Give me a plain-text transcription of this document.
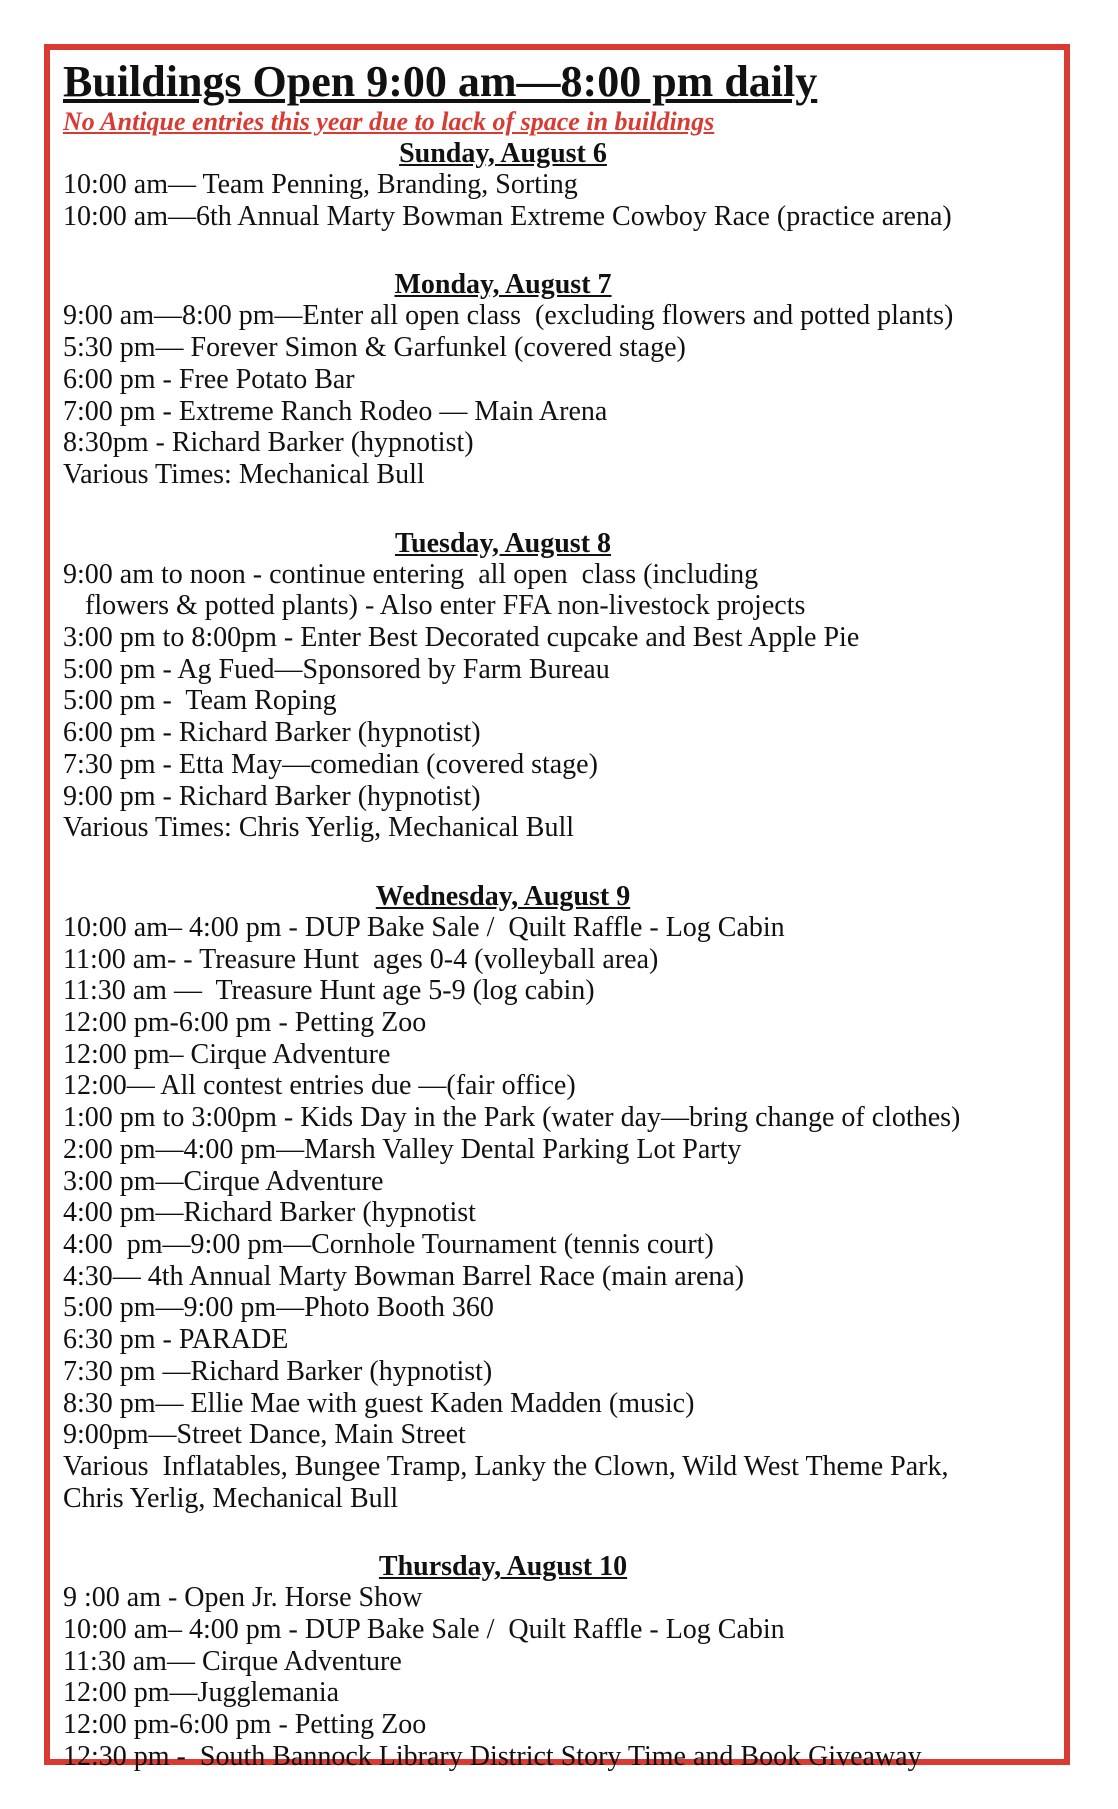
Buildings Open 9:00 am—8:00 pm daily
No Antique entries this year due to lack of space in buildings
Sunday, August 6
10:00 am— Team Penning, Branding, Sorting
10:00 am—6th Annual Marty Bowman Extreme Cowboy Race (practice arena)
Monday, August 7
9:00 am—8:00 pm—Enter all open class  (excluding flowers and potted plants)
5:30 pm— Forever Simon & Garfunkel (covered stage)
6:00 pm - Free Potato Bar
7:00 pm - Extreme Ranch Rodeo — Main Arena
8:30pm - Richard Barker (hypnotist)
Various Times: Mechanical Bull
Tuesday, August 8
9:00 am to noon - continue entering  all open  class (including
flowers & potted plants) - Also enter FFA non-livestock projects
3:00 pm to 8:00pm - Enter Best Decorated cupcake and Best Apple Pie
5:00 pm - Ag Fued—Sponsored by Farm Bureau
5:00 pm -  Team Roping
6:00 pm - Richard Barker (hypnotist)
7:30 pm - Etta May—comedian (covered stage)
9:00 pm - Richard Barker (hypnotist)
Various Times: Chris Yerlig, Mechanical Bull
Wednesday, August 9
10:00 am– 4:00 pm - DUP Bake Sale /  Quilt Raffle - Log Cabin
11:00 am- - Treasure Hunt  ages 0-4 (volleyball area)
11:30 am —  Treasure Hunt age 5-9 (log cabin)
12:00 pm-6:00 pm - Petting Zoo
12:00 pm– Cirque Adventure
12:00— All contest entries due —(fair office)
1:00 pm to 3:00pm - Kids Day in the Park (water day—bring change of clothes)
2:00 pm—4:00 pm—Marsh Valley Dental Parking Lot Party
3:00 pm—Cirque Adventure
4:00 pm—Richard Barker (hypnotist
4:00  pm—9:00 pm—Cornhole Tournament (tennis court)
4:30— 4th Annual Marty Bowman Barrel Race (main arena)
5:00 pm—9:00 pm—Photo Booth 360
6:30 pm - PARADE
7:30 pm —Richard Barker (hypnotist)
8:30 pm— Ellie Mae with guest Kaden Madden (music)
9:00pm—Street Dance, Main Street
Various  Inflatables, Bungee Tramp, Lanky the Clown, Wild West Theme Park,
Chris Yerlig, Mechanical Bull
Thursday, August 10
9 :00 am - Open Jr. Horse Show
10:00 am– 4:00 pm - DUP Bake Sale /  Quilt Raffle - Log Cabin
11:30 am— Cirque Adventure
12:00 pm—Jugglemania
12:00 pm-6:00 pm - Petting Zoo
12:30 pm -  South Bannock Library District Story Time and Book Giveaway
